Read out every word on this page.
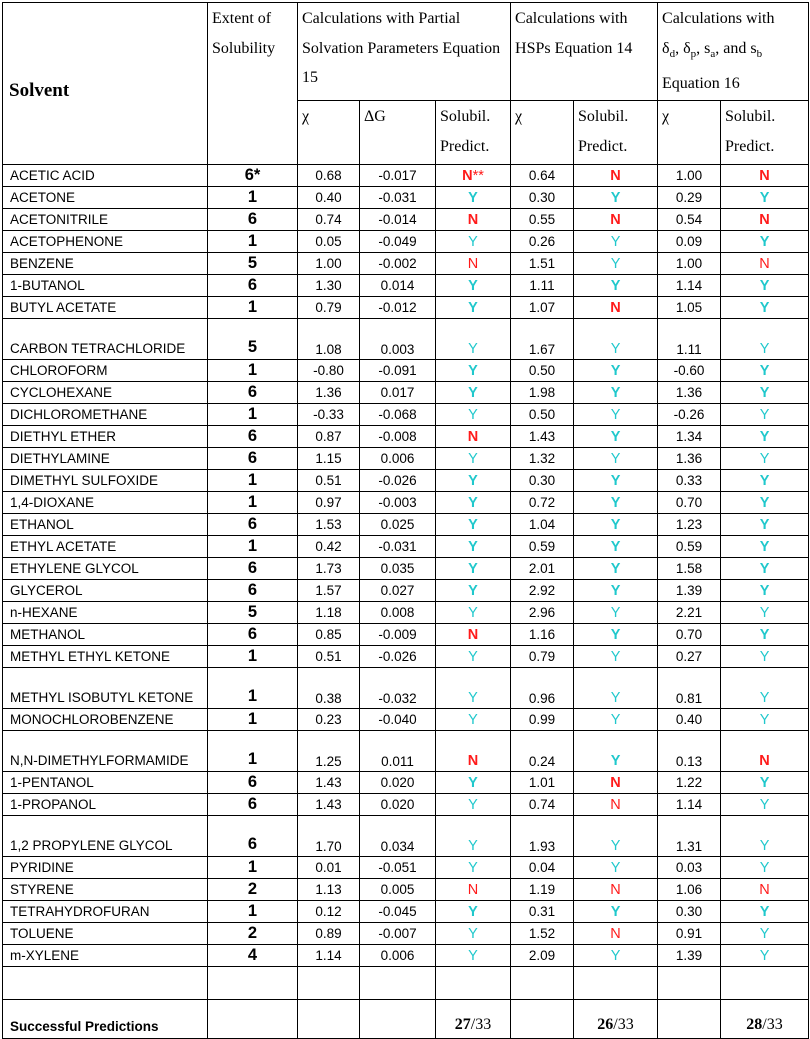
Solvent	Extent of Solubility	Calculations with Partial Solvation Parameters Equation 15			Calculations with HSPs Equation 14		Calculations with
$\delta_d$, $\delta_p$, $s_a$, and $s_b$
Equation 16	
		χ	ΔG	Solubil. Predict.	χ	Solubil. Predict.	χ	Solubil. Predict.
ACETIC ACID	6*	0.68	-0.017	N**	0.64	N	1.00	N
ACETONE	1	0.40	-0.031	Y	0.30	Y	0.29	Y
ACETONITRILE	6	0.74	-0.014	N	0.55	N	0.54	N
ACETOPHENONE	1	0.05	-0.049	Y	0.26	Y	0.09	Y
BENZENE	5	1.00	-0.002	N	1.51	Y	1.00	N
1-BUTANOL	6	1.30	0.014	Y	1.11	Y	1.14	Y
BUTYL ACETATE	1	0.79	-0.012	Y	1.07	N	1.05	Y
CARBON TETRACHLORIDE	5	1.08	0.003	Y	1.67	Y	1.11	Y
CHLOROFORM	1	-0.80	-0.091	Y	0.50	Y	-0.60	Y
CYCLOHEXANE	6	1.36	0.017	Y	1.98	Y	1.36	Y
DICHLOROMETHANE	1	-0.33	-0.068	Y	0.50	Y	-0.26	Y
DIETHYL ETHER	6	0.87	-0.008	N	1.43	Y	1.34	Y
DIETHYLAMINE	6	1.15	0.006	Y	1.32	Y	1.36	Y
DIMETHYL SULFOXIDE	1	0.51	-0.026	Y	0.30	Y	0.33	Y
1,4-DIOXANE	1	0.97	-0.003	Y	0.72	Y	0.70	Y
ETHANOL	6	1.53	0.025	Y	1.04	Y	1.23	Y
ETHYL ACETATE	1	0.42	-0.031	Y	0.59	Y	0.59	Y
ETHYLENE GLYCOL	6	1.73	0.035	Y	2.01	Y	1.58	Y
GLYCEROL	6	1.57	0.027	Y	2.92	Y	1.39	Y
n-HEXANE	5	1.18	0.008	Y	2.96	Y	2.21	Y
METHANOL	6	0.85	-0.009	N	1.16	Y	0.70	Y
METHYL ETHYL KETONE	1	0.51	-0.026	Y	0.79	Y	0.27	Y
METHYL ISOBUTYL KETONE	1	0.38	-0.032	Y	0.96	Y	0.81	Y
MONOCHLOROBENZENE	1	0.23	-0.040	Y	0.99	Y	0.40	Y
N,N-DIMETHYLFORMAMIDE	1	1.25	0.011	N	0.24	Y	0.13	N
1-PENTANOL	6	1.43	0.020	Y	1.01	N	1.22	Y
1-PROPANOL	6	1.43	0.020	Y	0.74	N	1.14	Y
1,2 PROPYLENE GLYCOL	6	1.70	0.034	Y	1.93	Y	1.31	Y
PYRIDINE	1	0.01	-0.051	Y	0.04	Y	0.03	Y
STYRENE	2	1.13	0.005	N	1.19	N	1.06	N
TETRAHYDROFURAN	1	0.12	-0.045	Y	0.31	Y	0.30	Y
TOLUENE	2	0.89	-0.007	Y	1.52	N	0.91	Y
m-XYLENE	4	1.14	0.006	Y	2.09	Y	1.39	Y

Successful Predictions				27/33		26/33		28/33
